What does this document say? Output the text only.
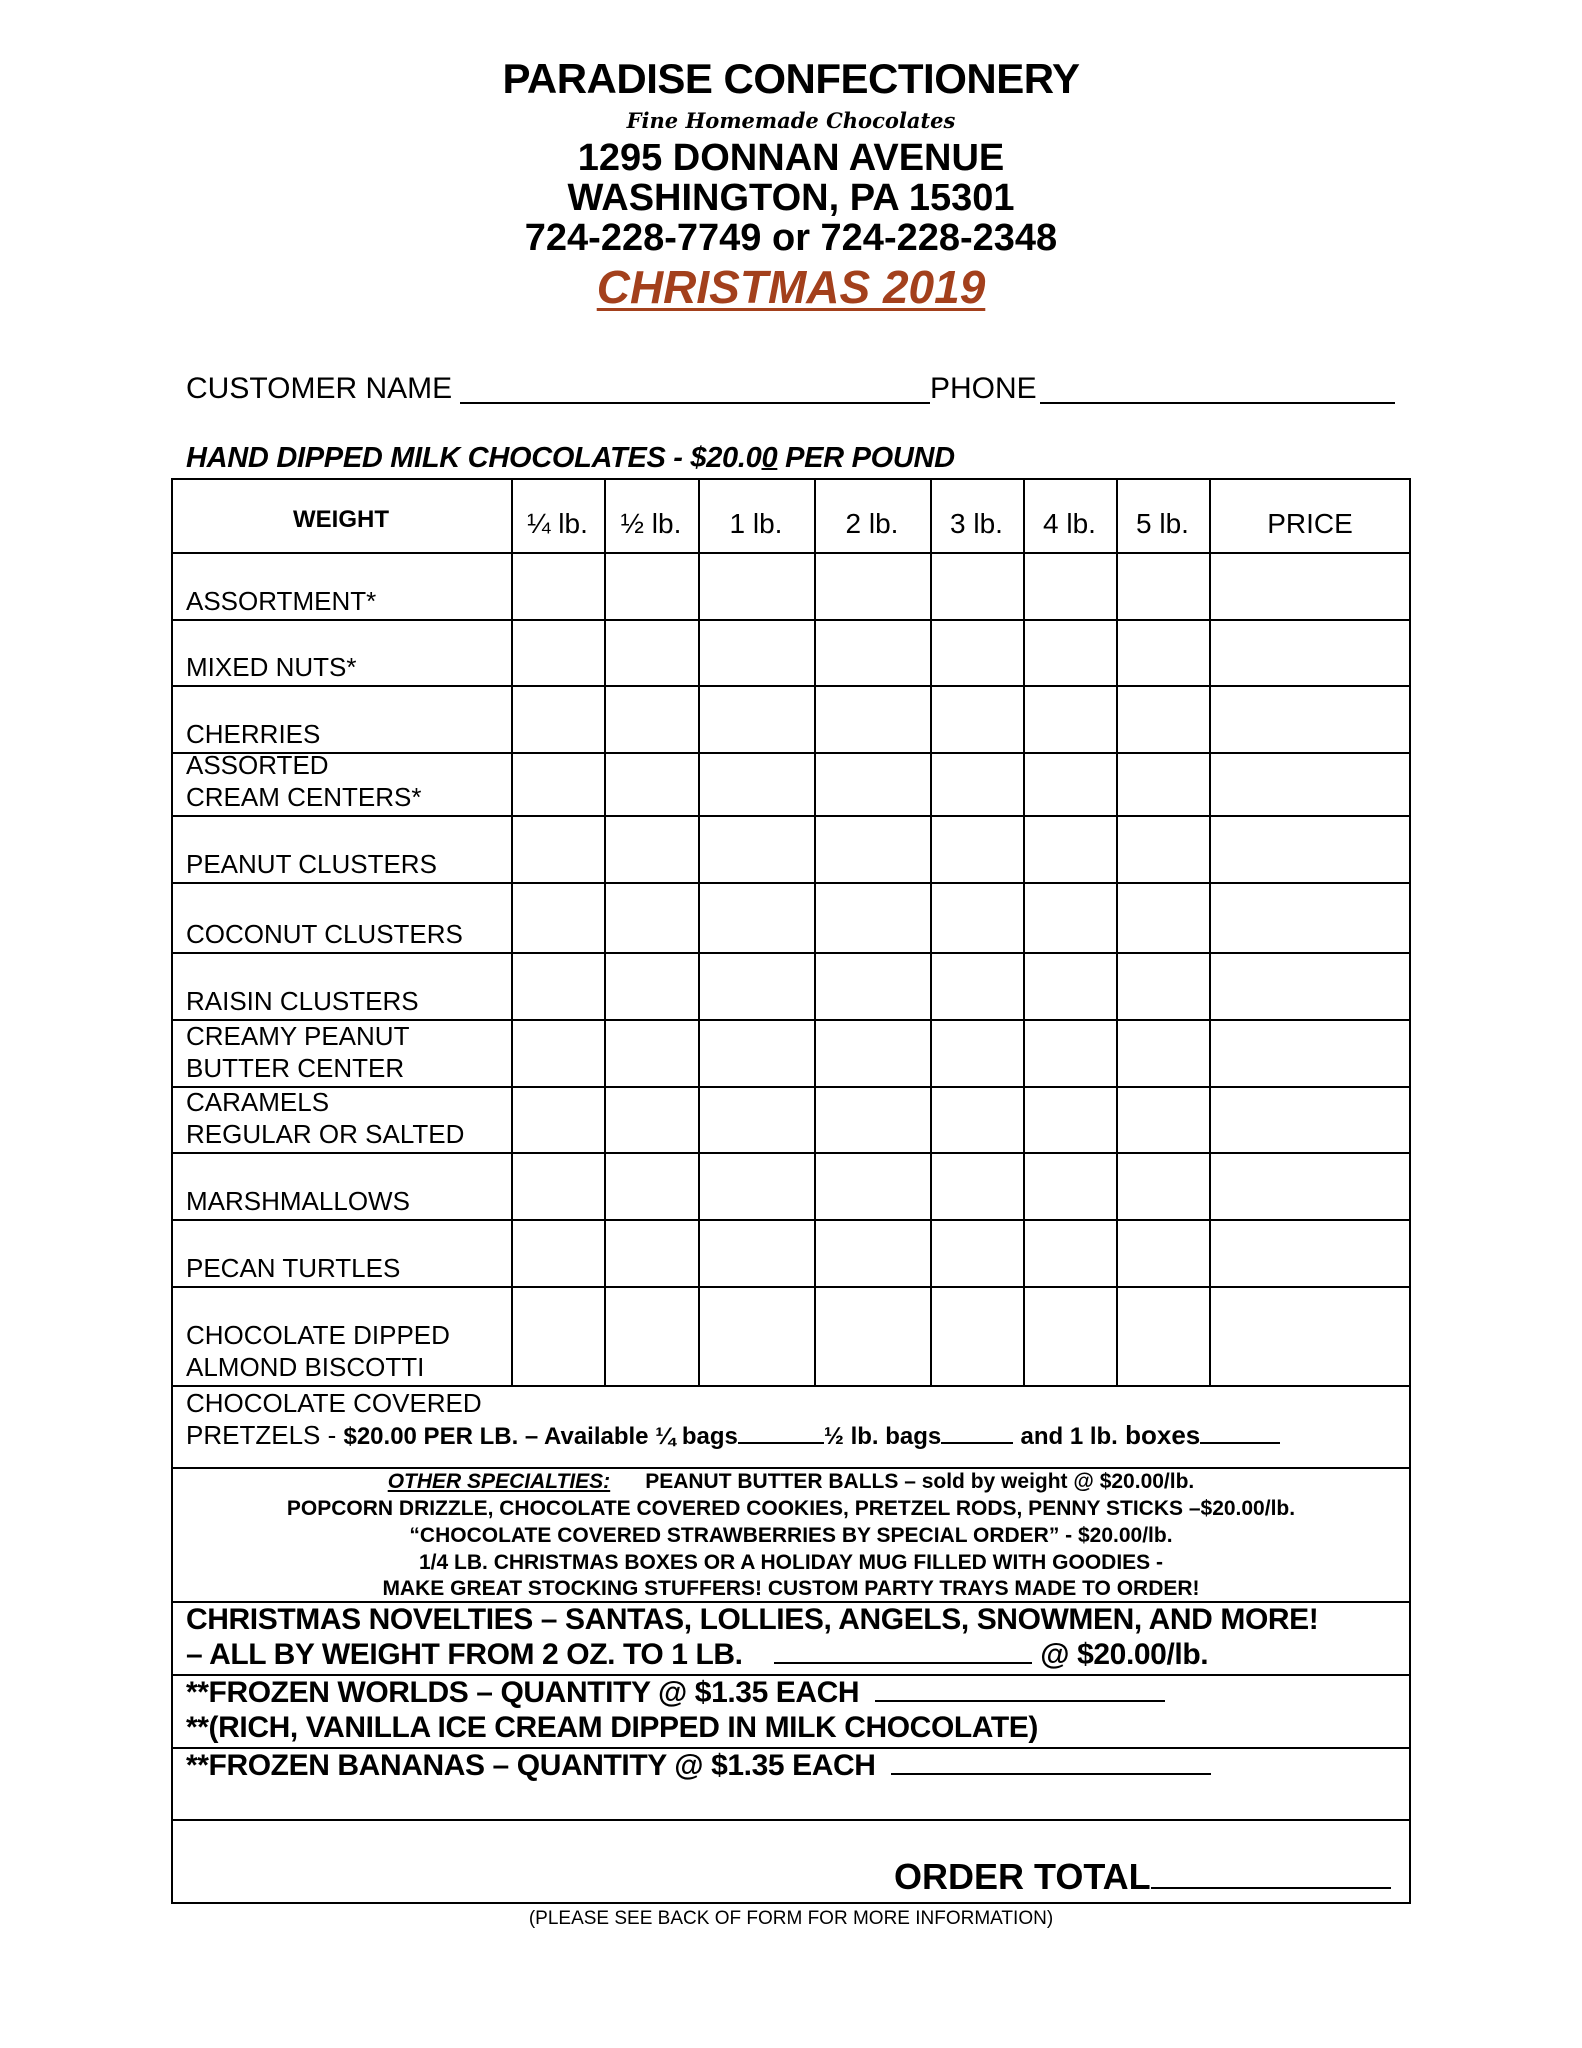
PARADISE CONFECTIONERY
Fine Homemade Chocolates
1295 DONNAN AVENUE
WASHINGTON, PA 15301
724-228-7749 or 724-228-2348
CHRISTMAS 2019
CUSTOMER NAME	PHONE
HAND DIPPED MILK CHOCOLATES - $20.00 PER POUND
WEIGHT	¼ lb.	½ lb.	1 lb.	2 lb.	3 lb.	4 lb.	5 lb.	PRICE
ASSORTMENT*
MIXED NUTS*
CHERRIES
ASSORTED
CREAM CENTERS*
PEANUT CLUSTERS
COCONUT CLUSTERS
RAISIN CLUSTERS
CREAMY PEANUT
BUTTER CENTER
CARAMELS
REGULAR OR SALTED
MARSHMALLOWS
PECAN TURTLES
CHOCOLATE DIPPED
ALMOND BISCOTTI
CHOCOLATE COVERED
PRETZELS - $20.00 PER LB. – Available ¼ bags	½ lb. bags	and 1 lb. boxes
OTHER SPECIALTIES: PEANUT BUTTER BALLS – sold by weight @ $20.00/lb.
POPCORN DRIZZLE, CHOCOLATE COVERED COOKIES, PRETZEL RODS, PENNY STICKS –$20.00/lb.
“CHOCOLATE COVERED STRAWBERRIES BY SPECIAL ORDER” - $20.00/lb.
1/4 LB. CHRISTMAS BOXES OR A HOLIDAY MUG FILLED WITH GOODIES -
MAKE GREAT STOCKING STUFFERS! CUSTOM PARTY TRAYS MADE TO ORDER!
CHRISTMAS NOVELTIES – SANTAS, LOLLIES, ANGELS, SNOWMEN, AND MORE!
– ALL BY WEIGHT FROM 2 OZ. TO 1 LB.	@ $20.00/lb.
**FROZEN WORLDS – QUANTITY @ $1.35 EACH
**(RICH, VANILLA ICE CREAM DIPPED IN MILK CHOCOLATE)
**FROZEN BANANAS – QUANTITY @ $1.35 EACH
ORDER TOTAL
(PLEASE SEE BACK OF FORM FOR MORE INFORMATION)
